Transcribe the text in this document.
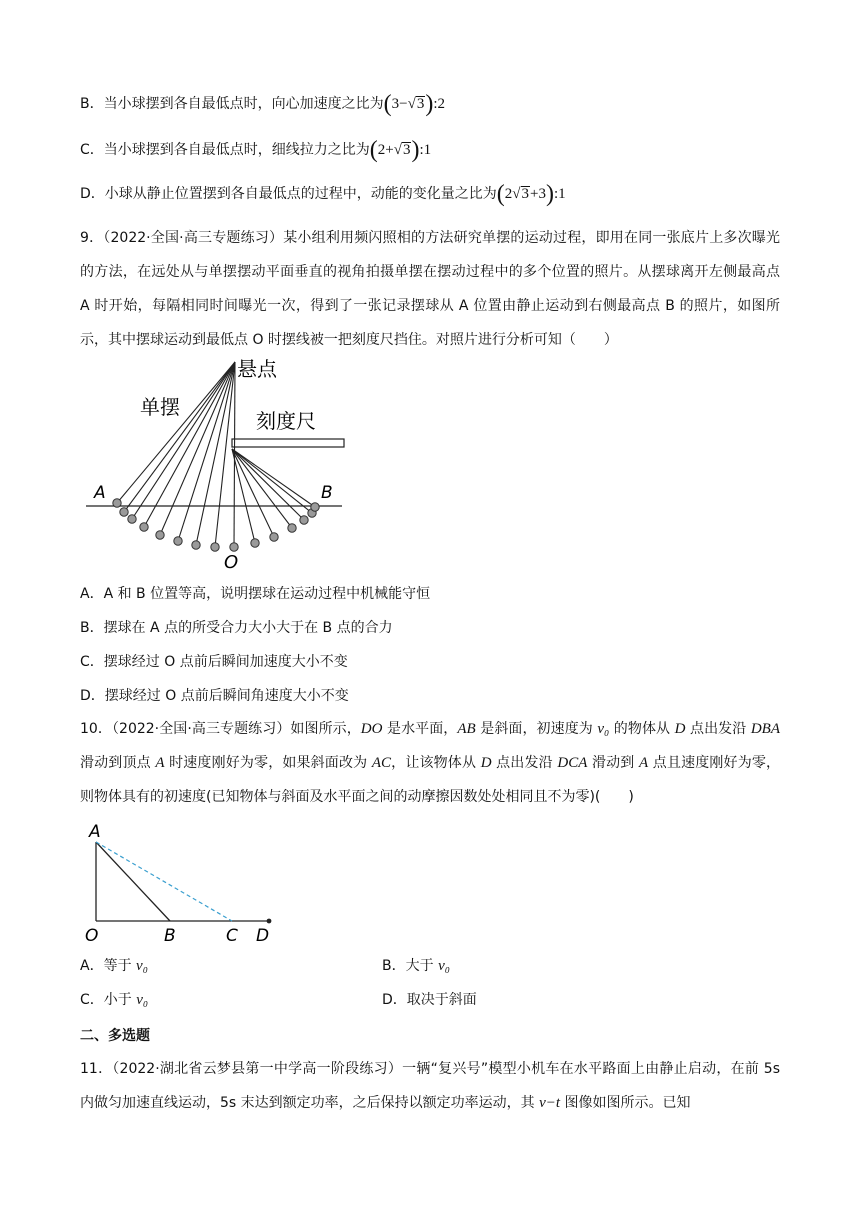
B．当小球摆到各自最低点时，向心加速度之比为(3−√3):2
C．当小球摆到各自最低点时，细线拉力之比为(2+√3):1
D．小球从静止位置摆到各自最低点的过程中，动能的变化量之比为(2√3+3):1
9．（2022·全国·高三专题练习）某小组利用频闪照相的方法研究单摆的运动过程，即用在同一张底片上多次曝光的方法，在远处从与单摆摆动平面垂直的视角拍摄单摆在摆动过程中的多个位置的照片。从摆球离开左侧最高点 A 时开始，每隔相同时间曝光一次，得到了一张记录摆球从 A 位置由静止运动到右侧最高点 B 的照片，如图所示，其中摆球运动到最低点 O 时摆线被一把刻度尺挡住。对照片进行分析可知（　　）
悬点
单摆
刻度尺
A	B
O
A．A 和 B 位置等高，说明摆球在运动过程中机械能守恒
B．摆球在 A 点的所受合力大小大于在 B 点的合力
C．摆球经过 O 点前后瞬间加速度大小不变
D．摆球经过 O 点前后瞬间角速度大小不变
10．（2022·全国·高三专题练习）如图所示，DO 是水平面，AB 是斜面，初速度为 v₀ 的物体从 D 点出发沿 DBA 滑动到顶点 A 时速度刚好为零，如果斜面改为 AC，让该物体从 D 点出发沿 DCA 滑动到 A 点且速度刚好为零，则物体具有的初速度(已知物体与斜面及水平面之间的动摩擦因数处处相同且不为零)(　　)
A
O	B	C D
A．等于 v₀	B．大于 v₀
C．小于 v₀	D．取决于斜面
二、多选题
11．（2022·湖北省云梦县第一中学高一阶段练习）一辆“复兴号”模型小机车在水平路面上由静止启动，在前 5s 内做匀加速直线运动，5s 末达到额定功率，之后保持以额定功率运动，其 v−t 图像如图所示。已知
